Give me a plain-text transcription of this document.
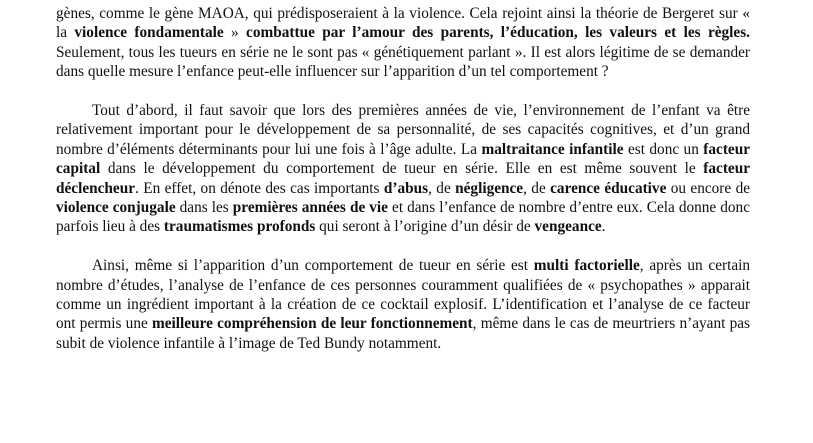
gènes, comme le gène MAOA, qui prédisposeraient à la violence. Cela rejoint ainsi la théorie de Bergeret sur « la violence fondamentale » combattue par l’amour des parents, l’éducation, les valeurs et les règles. Seulement, tous les tueurs en série ne le sont pas « génétiquement parlant ». Il est alors légitime de se demander dans quelle mesure l’enfance peut-elle influencer sur l’apparition d’un tel comportement ?

Tout d’abord, il faut savoir que lors des premières années de vie, l’environnement de l’enfant va être relativement important pour le développement de sa personnalité, de ses capacités cognitives, et d’un grand nombre d’éléments déterminants pour lui une fois à l’âge adulte. La maltraitance infantile est donc un facteur capital dans le développement du comportement de tueur en série. Elle en est même souvent le facteur déclencheur. En effet, on dénote des cas importants d’abus, de négligence, de carence éducative ou encore de violence conjugale dans les premières années de vie et dans l’enfance de nombre d’entre eux. Cela donne donc parfois lieu à des traumatismes profonds qui seront à l’origine d’un désir de vengeance.

Ainsi, même si l’apparition d’un comportement de tueur en série est multi factorielle, après un certain nombre d’études, l’analyse de l’enfance de ces personnes couramment qualifiées de « psychopathes » apparait comme un ingrédient important à la création de ce cocktail explosif. L’identification et l’analyse de ce facteur ont permis une meilleure compréhension de leur fonctionnement, même dans le cas de meurtriers n’ayant pas subit de violence infantile à l’image de Ted Bundy notamment.
